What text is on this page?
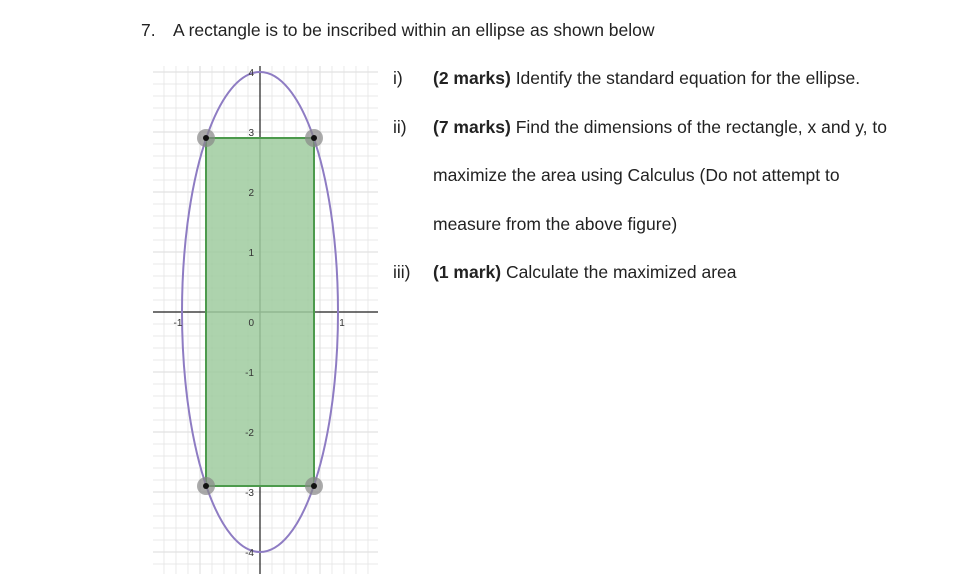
7. A rectangle is to be inscribed within an ellipse as shown below
4
3
2
1
0
-1
-2
-3
-4
-1	1
i) (2 marks) Identify the standard equation for the ellipse.
ii) (7 marks) Find the dimensions of the rectangle, x and y, to
maximize the area using Calculus (Do not attempt to
measure from the above figure)
iii) (1 mark) Calculate the maximized area
